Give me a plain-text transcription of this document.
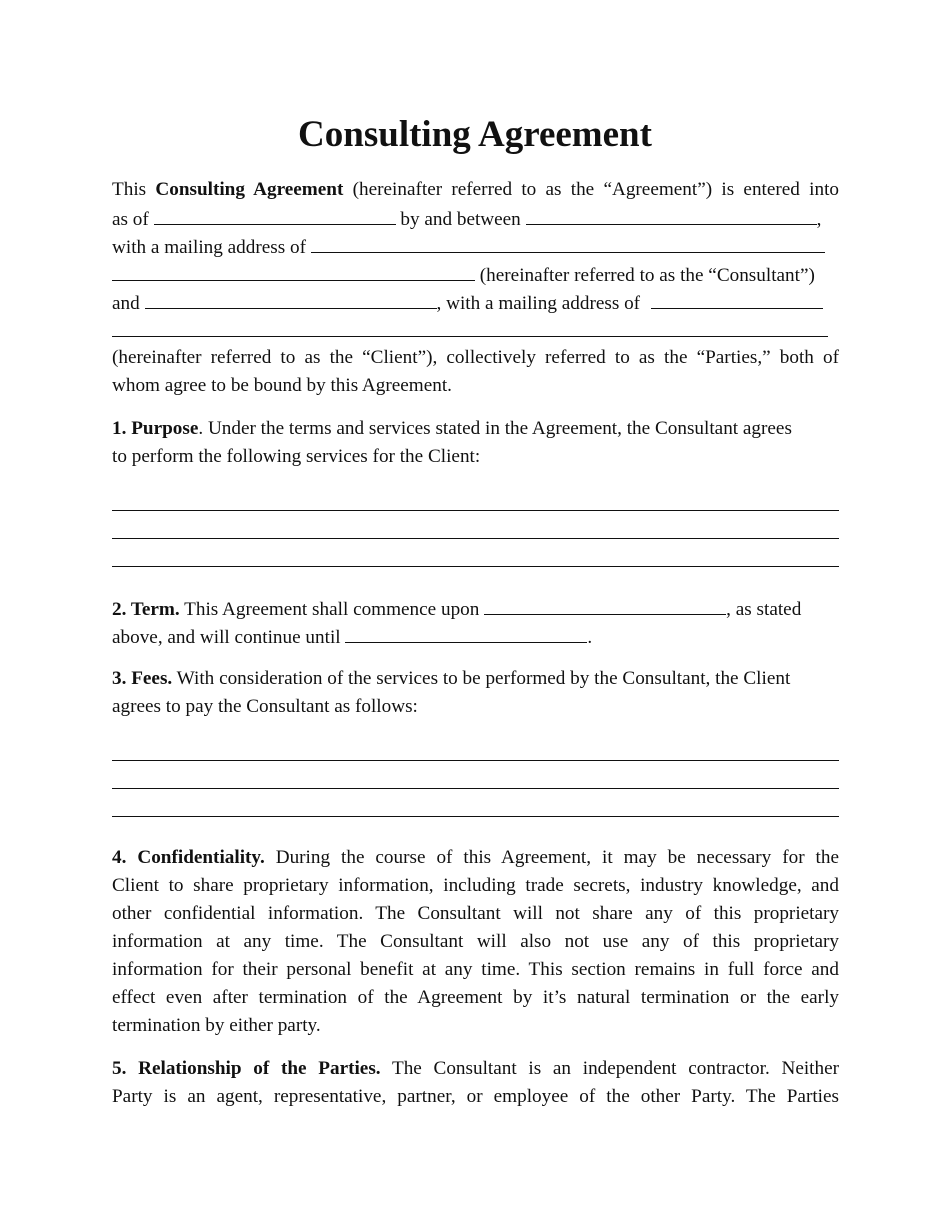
Consulting Agreement
This Consulting Agreement (hereinafter referred to as the “Agreement”) is entered into
as of	by and between	,
with a mailing address of
(hereinafter referred to as the “Consultant”)
and	, with a mailing address of
(hereinafter referred to as the “Client”), collectively referred to as the “Parties,” both of
whom agree to be bound by this Agreement.
1. Purpose. Under the terms and services stated in the Agreement, the Consultant agrees
to perform the following services for the Client:
2. Term. This Agreement shall commence upon	, as stated
above, and will continue until	.
3. Fees. With consideration of the services to be performed by the Consultant, the Client
agrees to pay the Consultant as follows:
4. Confidentiality. During the course of this Agreement, it may be necessary for the
Client to share proprietary information, including trade secrets, industry knowledge, and
other confidential information. The Consultant will not share any of this proprietary
information at any time. The Consultant will also not use any of this proprietary
information for their personal benefit at any time. This section remains in full force and
effect even after termination of the Agreement by it’s natural termination or the early
termination by either party.
5. Relationship of the Parties. The Consultant is an independent contractor. Neither
Party is an agent, representative, partner, or employee of the other Party. The Parties
